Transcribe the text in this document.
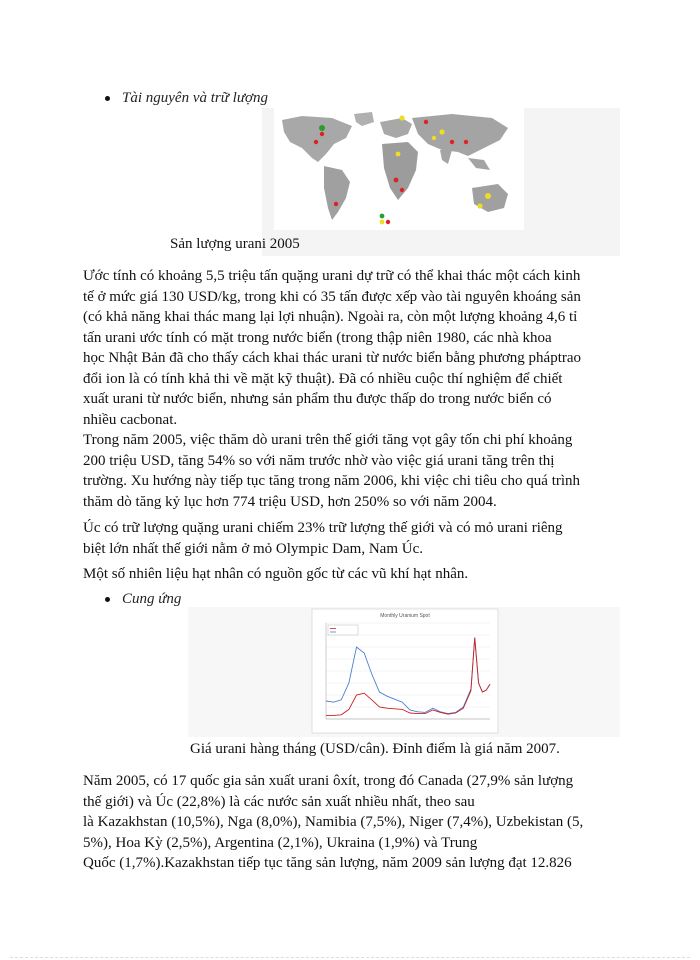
Tài nguyên và trữ lượng
Sản lượng urani 2005
Ước tính có khoảng 5,5 triệu tấn quặng urani dự trữ có thể khai thác một cách kinh
tế ở mức giá 130 USD/kg, trong khi có 35 tấn được xếp vào tài nguyên khoáng sản
(có khả năng khai thác mang lại lợi nhuận). Ngoài ra, còn một lượng khoảng 4,6 tỉ
tấn urani ước tính có mặt trong nước biển (trong thập niên 1980, các nhà khoa
học Nhật Bản đã cho thấy cách khai thác urani từ nước biển bằng phương pháptrao
đổi ion là có tính khả thi về mặt kỹ thuật). Đã có nhiều cuộc thí nghiệm để chiết
xuất urani từ nước biển, nhưng sản phẩm thu được thấp do trong nước biển có
nhiều cacbonat.
Trong năm 2005, việc thăm dò urani trên thế giới tăng vọt gây tốn chi phí khoảng
200 triệu USD, tăng 54% so với năm trước nhờ vào việc giá urani tăng trên thị
trường. Xu hướng này tiếp tục tăng trong năm 2006, khi việc chi tiêu cho quá trình
thăm dò tăng kỷ lục hơn 774 triệu USD, hơn 250% so với năm 2004.
Úc có trữ lượng quặng urani chiếm 23% trữ lượng thế giới và có mỏ urani riêng
biệt lớn nhất thế giới nằm ở mỏ Olympic Dam, Nam Úc.
Một số nhiên liệu hạt nhân có nguồn gốc từ các vũ khí hạt nhân.
Cung ứng
Monthly Uranium Spot
Giá urani hàng tháng (USD/cân). Đỉnh điểm là giá năm 2007.
Năm 2005, có 17 quốc gia sản xuất urani ôxít, trong đó Canada (27,9% sản lượng
thế giới) và Úc (22,8%) là các nước sản xuất nhiều nhất, theo sau
là Kazakhstan (10,5%), Nga (8,0%), Namibia (7,5%), Niger (7,4%), Uzbekistan (5,
5%), Hoa Kỳ (2,5%), Argentina (2,1%), Ukraina (1,9%) và Trung
Quốc (1,7%).Kazakhstan tiếp tục tăng sản lượng, năm 2009 sản lượng đạt 12.826
